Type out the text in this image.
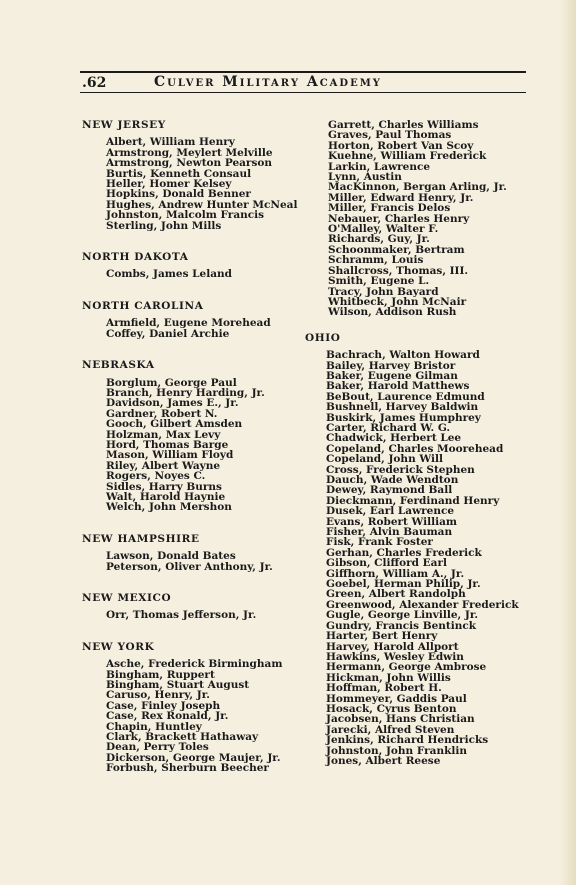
.62	Culver Military Academy
NEW JERSEY
Albert, William Henry
Armstrong, Meylert Melville
Armstrong, Newton Pearson
Burtis, Kenneth Consaul
Heller, Homer Kelsey
Hopkins, Donald Benner
Hughes, Andrew Hunter McNeal
Johnston, Malcolm Francis
Sterling, John Mills
NORTH DAKOTA
Combs, James Leland
NORTH CAROLINA
Armfield, Eugene Morehead
Coffey, Daniel Archie
NEBRASKA
Borglum, George Paul
Branch, Henry Harding, Jr.
Davidson, James E., Jr.
Gardner, Robert N.
Gooch, Gilbert Amsden
Holzman, Max Levy
Hord, Thomas Barge
Mason, William Floyd
Riley, Albert Wayne
Rogers, Noyes C.
Sidles, Harry Burns
Walt, Harold Haynie
Welch, John Mershon
NEW HAMPSHIRE
Lawson, Donald Bates
Peterson, Oliver Anthony, Jr.
NEW MEXICO
Orr, Thomas Jefferson, Jr.
NEW YORK
Asche, Frederick Birmingham
Bingham, Ruppert
Bingham, Stuart August
Caruso, Henry, Jr.
Case, Finley Joseph
Case, Rex Ronald, Jr.
Chapin, Huntley
Clark, Brackett Hathaway
Dean, Perry Toles
Dickerson, George Maujer, Jr.
Forbush, Sherburn Beecher
Garrett, Charles Williams
Graves, Paul Thomas
Horton, Robert Van Scoy
Kuehne, William Frederick
Larkin, Lawrence
Lynn, Austin
MacKinnon, Bergan Arling, Jr.
Miller, Edward Henry, Jr.
Miller, Francis Delos
Nebauer, Charles Henry
O'Malley, Walter F.
Richards, Guy, Jr.
Schoonmaker, Bertram
Schramm, Louis
Shallcross, Thomas, III.
Smith, Eugene L.
Tracy, John Bayard
Whitbeck, John McNair
Wilson, Addison Rush
OHIO
Bachrach, Walton Howard
Bailey, Harvey Bristor
Baker, Eugene Gilman
Baker, Harold Matthews
BeBout, Laurence Edmund
Bushnell, Harvey Baldwin
Buskirk, James Humphrey
Carter, Richard W. G.
Chadwick, Herbert Lee
Copeland, Charles Moorehead
Copeland, John Will
Cross, Frederick Stephen
Dauch, Wade Wendton
Dewey, Raymond Ball
Dieckmann, Ferdinand Henry
Dusek, Earl Lawrence
Evans, Robert William
Fisher, Alvin Bauman
Fisk, Frank Foster
Gerhan, Charles Frederick
Gibson, Clifford Earl
Giffhorn, William A., Jr.
Goebel, Herman Philip, Jr.
Green, Albert Randolph
Greenwood, Alexander Frederick
Gugle, George Linville, Jr.
Gundry, Francis Bentinck
Harter, Bert Henry
Harvey, Harold Allport
Hawkins, Wesley Edwin
Hermann, George Ambrose
Hickman, John Willis
Hoffman, Robert H.
Hommeyer, Gaddis Paul
Hosack, Cyrus Benton
Jacobsen, Hans Christian
Jarecki, Alfred Steven
Jenkins, Richard Hendricks
Johnston, John Franklin
Jones, Albert Reese
